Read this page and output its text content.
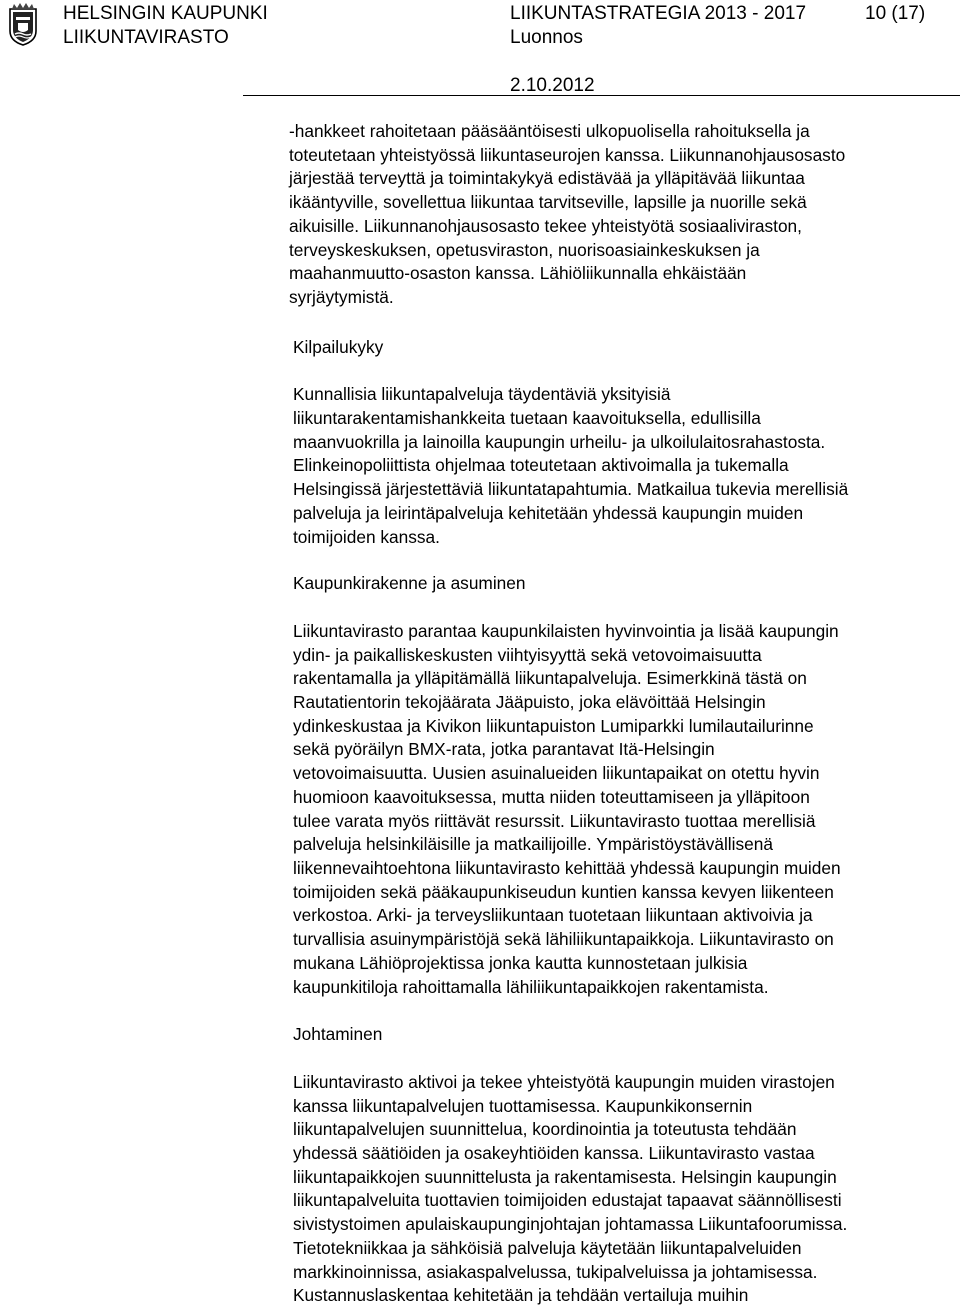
HELSINGIN KAUPUNKI
LIIKUNTAVIRASTO
LIIKUNTASTRATEGIA 2013 - 2017
Luonnos
10 (17)
2.10.2012

-hankkeet rahoitetaan pääsääntöisesti ulkopuolisella rahoituksella ja
toteutetaan yhteistyössä liikuntaseurojen kanssa. Liikunnanohjausosasto
järjestää terveyttä ja toimintakykyä edistävää ja ylläpitävää liikuntaa
ikääntyville, sovellettua liikuntaa tarvitseville, lapsille ja nuorille sekä
aikuisille. Liikunnanohjausosasto tekee yhteistyötä sosiaaliviraston,
terveyskeskuksen, opetusviraston, nuorisoasiainkeskuksen ja
maahanmuutto-osaston kanssa. Lähiöliikunnalla ehkäistään
syrjäytymistä.

Kilpailukyky

Kunnallisia liikuntapalveluja täydentäviä yksityisiä
liikuntarakentamishankkeita tuetaan kaavoituksella, edullisilla
maanvuokrilla ja lainoilla kaupungin urheilu- ja ulkoilulaitosrahastosta.
Elinkeinopoliittista ohjelmaa toteutetaan aktivoimalla ja tukemalla
Helsingissä järjestettäviä liikuntatapahtumia. Matkailua tukevia merellisiä
palveluja ja leirintäpalveluja kehitetään yhdessä kaupungin muiden
toimijoiden kanssa.

Kaupunkirakenne ja asuminen

Liikuntavirasto parantaa kaupunkilaisten hyvinvointia ja lisää kaupungin
ydin- ja paikalliskeskusten viihtyisyyttä sekä vetovoimaisuutta
rakentamalla ja ylläpitämällä liikuntapalveluja. Esimerkkinä tästä on
Rautatientorin tekojäärata Jääpuisto, joka elävöittää Helsingin
ydinkeskustaa ja Kivikon liikuntapuiston Lumiparkki lumilautailurinne
sekä pyöräilyn BMX-rata, jotka parantavat Itä-Helsingin
vetovoimaisuutta. Uusien asuinalueiden liikuntapaikat on otettu hyvin
huomioon kaavoituksessa, mutta niiden toteuttamiseen ja ylläpitoon
tulee varata myös riittävät resurssit. Liikuntavirasto tuottaa merellisiä
palveluja helsinkiläisille ja matkailijoille. Ympäristöystävällisenä
liikennevaihtoehtona liikuntavirasto kehittää yhdessä kaupungin muiden
toimijoiden sekä pääkaupunkiseudun kuntien kanssa kevyen liikenteen
verkostoa. Arki- ja terveysliikuntaan tuotetaan liikuntaan aktivoivia ja
turvallisia asuinympäristöjä sekä lähiliikuntapaikkoja. Liikuntavirasto on
mukana Lähiöprojektissa jonka kautta kunnostetaan julkisia
kaupunkitiloja rahoittamalla lähiliikuntapaikkojen rakentamista.

Johtaminen

Liikuntavirasto aktivoi ja tekee yhteistyötä kaupungin muiden virastojen
kanssa liikuntapalvelujen tuottamisessa. Kaupunkikonsernin
liikuntapalvelujen suunnittelua, koordinointia ja toteutusta tehdään
yhdessä säätiöiden ja osakeyhtiöiden kanssa. Liikuntavirasto vastaa
liikuntapaikkojen suunnittelusta ja rakentamisesta. Helsingin kaupungin
liikuntapalveluita tuottavien toimijoiden edustajat tapaavat säännöllisesti
sivistystoimen apulaiskaupunginjohtajan johtamassa Liikuntafoorumissa.
Tietotekniikkaa ja sähköisiä palveluja käytetään liikuntapalveluiden
markkinoinnissa, asiakaspalvelussa, tukipalveluissa ja johtamisessa.
Kustannuslaskentaa kehitetään ja tehdään vertailuja muihin
